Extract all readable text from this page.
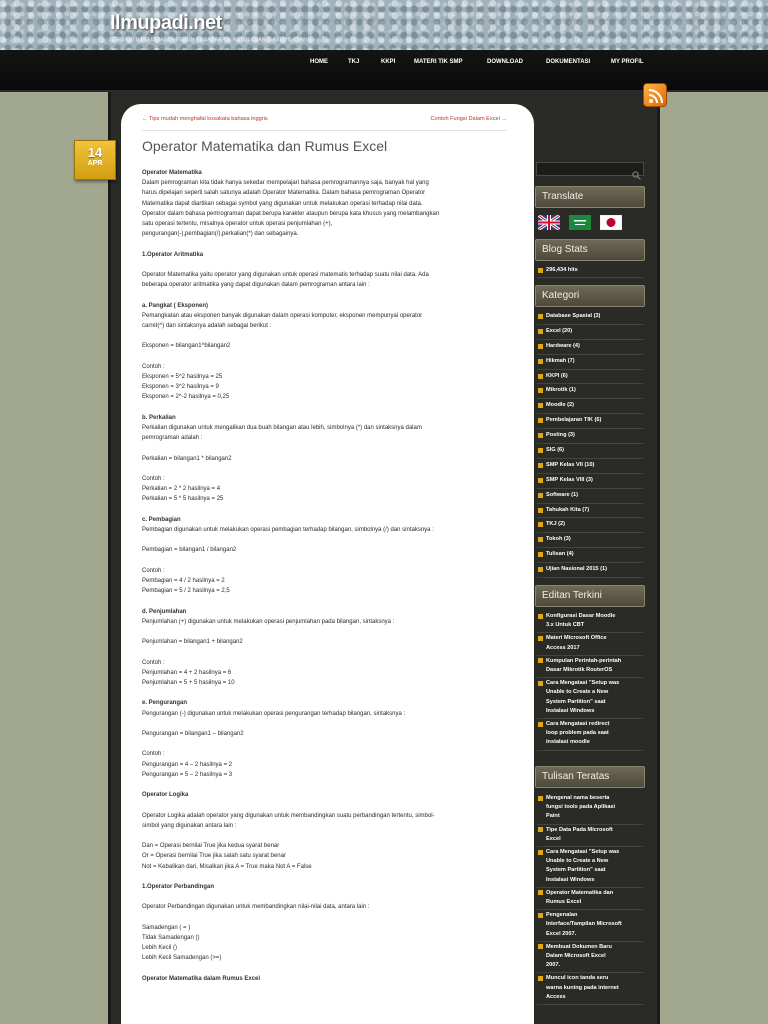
Ilmupadi.net
BERBAGI ILMU DENGAN PENUH KESABARAN, KETULUSAN & KEIKHLASAN
HOME	TKJ	KKPI	MATERI TIK SMP	DOWNLOAD	DOKUMENTASI	MY PROFIL
← Tips mudah menghafal kosakata bahasa inggris	Contoh Fungsi Dalam Excel →
Operator Matematika dan Rumus Excel

Operator Matematika

Dalam pemrograman kita tidak hanya sekedar mempelajari bahasa pemrogramannya saja, banyak hal yang

harus dipelajari seperti salah satunya adalah Operator Matematika. Dalam bahasa pemrograman Operator

Matematika dapat diartikan sebagai symbol yang digunakan untuk melakukan operasi terhadap nilai data.

Operator dalam bahasa pemrograman dapat berupa karakter ataupun berupa kata khusus yang melambangkan

satu operasi tertentu, misalnya operator untuk operasi penjumlahan (+),

pengurangan(-),pembagian(/),perkalian(*) dan sebagainya.

1.Operator Aritmatika

Operator Matematika yaitu operator yang digunakan untuk operasi matematis terhadap suatu nilai data. Ada

beberapa operator aritmatika yang dapat digunakan dalam pemrograman antara lain :

a. Pangkat ( Eksponen)

Pemangkatan atau eksponen banyak digunakan dalam operasi komputer, eksponen mempunyai operator

carret(^) dan sintaksnya adalah sebagai berikut :

Eksponen = bilangan1^bilangan2

Contoh :

Eksponen = 5^2 hasilnya = 25

Eksponen = 3^2 hasilnya = 9

Eksponen = 2^-2 hasilnya = 0,25

b. Perkalian

Perkalian digunakan untuk mengalikan dua buah bilangan atau lebih, simbolnya (*) dan sintaksnya dalam

pemrograman adalah :

Perkalian = bilangan1 * bilangan2

Contoh :

Perkalian = 2 * 2 hasilnya = 4

Perkalian = 5 * 5 hasilnya = 25

c. Pembagian

Pembagian digunakan untuk melakukan operasi pembagian terhadap bilangan, simbolnya (/) dan sintaksnya :

Pembagian = bilangan1 / bilangan2

Contoh :

Pembagian = 4 / 2 hasilnya = 2

Pembagian = 5 / 2 hasilnya = 2,5

d. Penjumlahan

Penjumlahan (+) digunakan untuk melakukan operasi penjumlahan pada bilangan, sintaksnya :

Penjumlahan = bilangan1 + bilangan2

Contoh :

Penjumlahan = 4 + 2 hasilnya = 6

Penjumlahan = 5 + 5 hasilnya = 10

e. Pengurangan

Pengurangan (-) digunakan untuk melakukan operasi pengurangan terhadap bilangan, sintaksnya :

Pengurangan = bilangan1 – bilangan2

Contoh :

Pengurangan = 4 – 2 hasilnya = 2

Pengurangan = 5 – 2 hasilnya = 3

Operator Logika

Operator Logika adalah operator yang digunakan untuk membandingkan suatu perbandingan tertentu, simbol-

simbol yang digunakan antara lain :

Dan = Operasi bernilai True jika kedua syarat benar

Or = Operasi bernilai True jika salah satu syarat benar

Not = Kebalikan dari, Misalkan jika A = True maka Not A = False

1.Operator Perbandingan

Operator Perbandingan digunakan untuk membandingkan nilai-nilai data, antara lain :

Samadengan ( = )

Tidak Samadengan ()

Lebih Kecil ()

Lebih Kecil Samadengan (>=)

Operator Matematika dalam Rumus Excel

14
APR
Translate
Blog Stats
296,434 hits
Kategori
Database Spasial (3)
Excel (20)
Hardware (4)
Hikmah (7)
KKPI (6)
Mikrotik (1)
Moodle (2)
Pembelajaran TIK (6)
Posting (3)
SIG (6)
SMP Kelas VII (10)
SMP Kelas VIII (3)
Software (1)
Tahukah Kita (7)
TKJ (2)
Tokoh (3)
Tulisan (4)
Ujian Nasional 2015 (1)
Editan Terkini
Konfigurasi Dasar Moodle
3.x Untuk CBT
Materi Microsoft Office
Access 2017
Kumpulan Perintah-perintah
Dasar Mikrotik RouterOS
Cara Mengatasi "Setup was
Unable to Create a New
System Partition" saat
Instalasi Windows
Cara Mengatasi redirect
loop problem pada saat
instalasi moodle
Tulisan Teratas
Mengenal nama beserta
fungsi tools pada Aplikasi
Paint
Tipe Data Pada Microsoft
Excel
Cara Mengatasi "Setup was
Unable to Create a New
System Partition" saat
Instalasi Windows
Operator Matematika dan
Rumus Excel
Pengenalan
Interface/Tampilan Microsoft
Excel 2007.
Membuat Dokumen Baru
Dalam Microsoft Excel
2007.
Muncul icon tanda seru
warna kuning pada internet
Access
